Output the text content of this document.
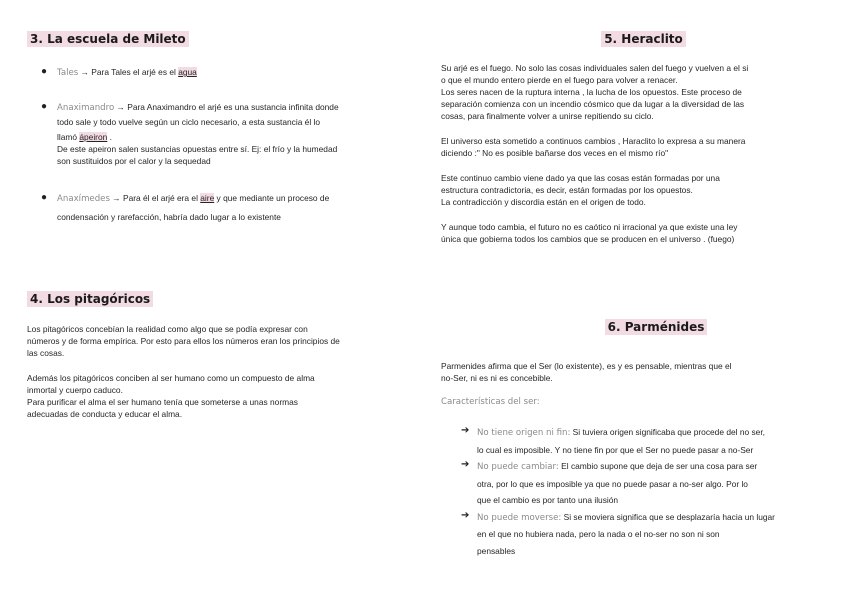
3. La escuela de Mileto
● Tales → Para Tales el arjé es el agua
● Anaximandro → Para Anaximandro el arjé es una sustancia infinita donde
todo sale y todo vuelve según un ciclo necesario, a esta sustancia él lo
llamó ápeiron .
De este apeiron salen sustancias opuestas entre sí. Ej: el frío y la humedad
son sustituidos por el calor y la sequedad
● Anaxímedes → Para él el arjé era el aire y que mediante un proceso de
condensación y rarefacción, habría dado lugar a lo existente
4. Los pitagóricos

Los pitagóricos concebían la realidad como algo que se podía expresar con

números y de forma empírica. Por esto para ellos los números eran los principios de

las cosas.

Además los pitagóricos conciben al ser humano como un compuesto de alma

inmortal y cuerpo caduco.

Para purificar el alma el ser humano tenía que someterse a unas normas

adecuadas de conducta y educar el alma.

5. Heraclito

Su arjé es el fuego. No solo las cosas individuales salen del fuego y vuelven a el si

o que el mundo entero pierde en el fuego para volver a renacer.

Los seres nacen de la ruptura interna , la lucha de los opuestos. Este proceso de

separación comienza con un incendio cósmico que da lugar a la diversidad de las

cosas, para finalmente volver a unirse repitiendo su ciclo.

El universo esta sometido a continuos cambios , Haraclito lo expresa a su manera

diciendo :" No es posible bañarse dos veces en el mismo río"

Este continuo cambio viene dado ya que las cosas están formadas por una

estructura contradictoria, es decir, están formadas por los opuestos.

La contradicción y discordia están en el origen de todo.

Y aunque todo cambia, el futuro no es caótico ni irracional ya que existe una ley

única que gobierna todos los cambios que se producen en el universo . (fuego)

6. Parménides

Parmenides afirma que el Ser (lo existente), es y es pensable, mientras que el

no-Ser, ni es ni es concebible.

Características del ser:
➔ No tiene origen ni fin: Si tuviera origen significaba que procede del no ser,
lo cual es imposible. Y no tiene fin por que el Ser no puede pasar a no-Ser
➔ No puede cambiar: El cambio supone que deja de ser una cosa para ser
otra, por lo que es imposible ya que no puede pasar a no-ser algo. Por lo
que el cambio es por tanto una ilusión
➔ No puede moverse: Si se moviera significa que se desplazaría hacia un lugar
en el que no hubiera nada, pero la nada o el no-ser no son ni son
pensables
